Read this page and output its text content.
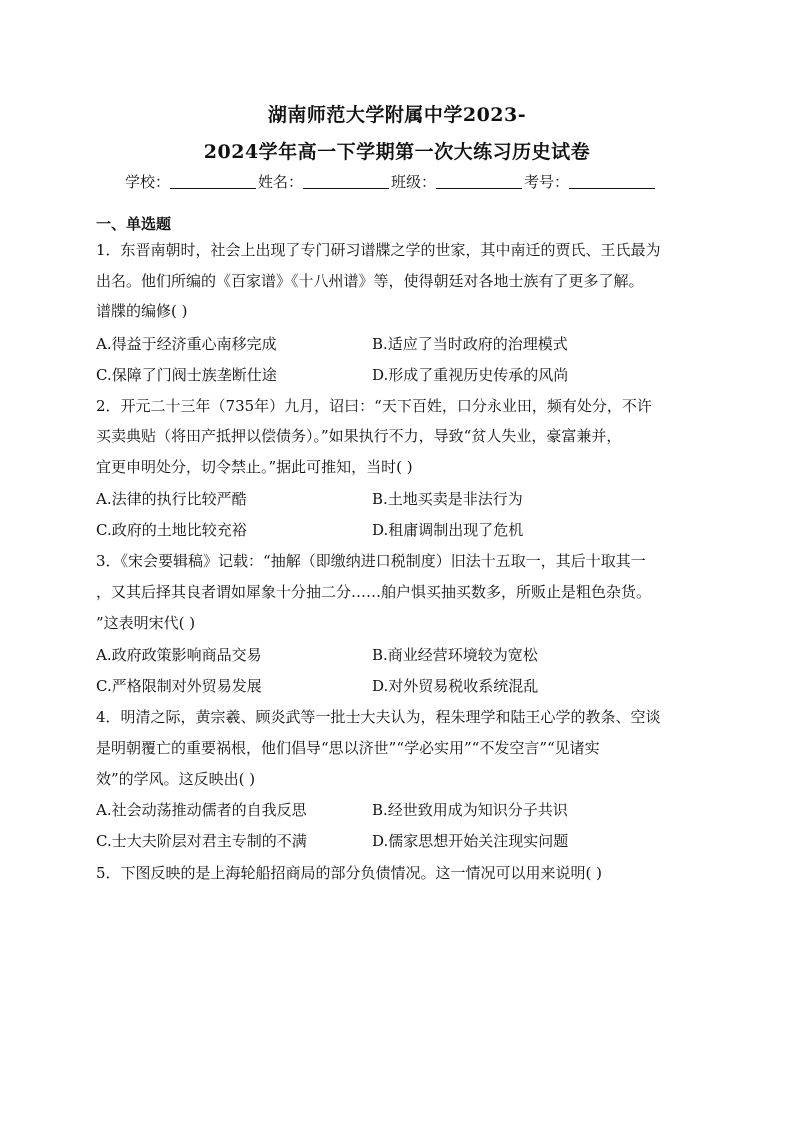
湖南师范大学附属中学2023-
2024学年高一下学期第一次大练习历史试卷
学校：	姓名：	班级：	考号：
一、单选题
1．东晋南朝时，社会上出现了专门研习谱牒之学的世家，其中南迁的贾氏、王氏最为
出名。他们所编的《百家谱》《十八州谱》等，使得朝廷对各地士族有了更多了解。
谱牒的编修( )
A.得益于经济重心南移完成	B.适应了当时政府的治理模式
C.保障了门阀士族垄断仕途	D.形成了重视历史传承的风尚
2．开元二十三年（735年）九月，诏曰：“天下百姓，口分永业田，频有处分，不许
买卖典贴（将田产抵押以偿债务）。”如果执行不力，导致“贫人失业，豪富兼并，
宜更申明处分，切令禁止。”据此可推知，当时( )
A.法律的执行比较严酷	B.土地买卖是非法行为
C.政府的土地比较充裕	D.租庸调制出现了危机
3．《宋会要辑稿》记载：“抽解（即缴纳进口税制度）旧法十五取一，其后十取其一
，又其后择其良者谓如犀象十分抽二分……舶户惧买抽买数多，所贩止是粗色杂货。
”这表明宋代( )
A.政府政策影响商品交易	B.商业经营环境较为宽松
C.严格限制对外贸易发展	D.对外贸易税收系统混乱
4．明清之际，黄宗羲、顾炎武等一批士大夫认为，程朱理学和陆王心学的教条、空谈
是明朝覆亡的重要祸根，他们倡导“思以济世”“学必实用”“不发空言”“见诸实
效”的学风。这反映出( )
A.社会动荡推动儒者的自我反思	B.经世致用成为知识分子共识
C.士大夫阶层对君主专制的不满	D.儒家思想开始关注现实问题
5．下图反映的是上海轮船招商局的部分负债情况。这一情况可以用来说明( )
